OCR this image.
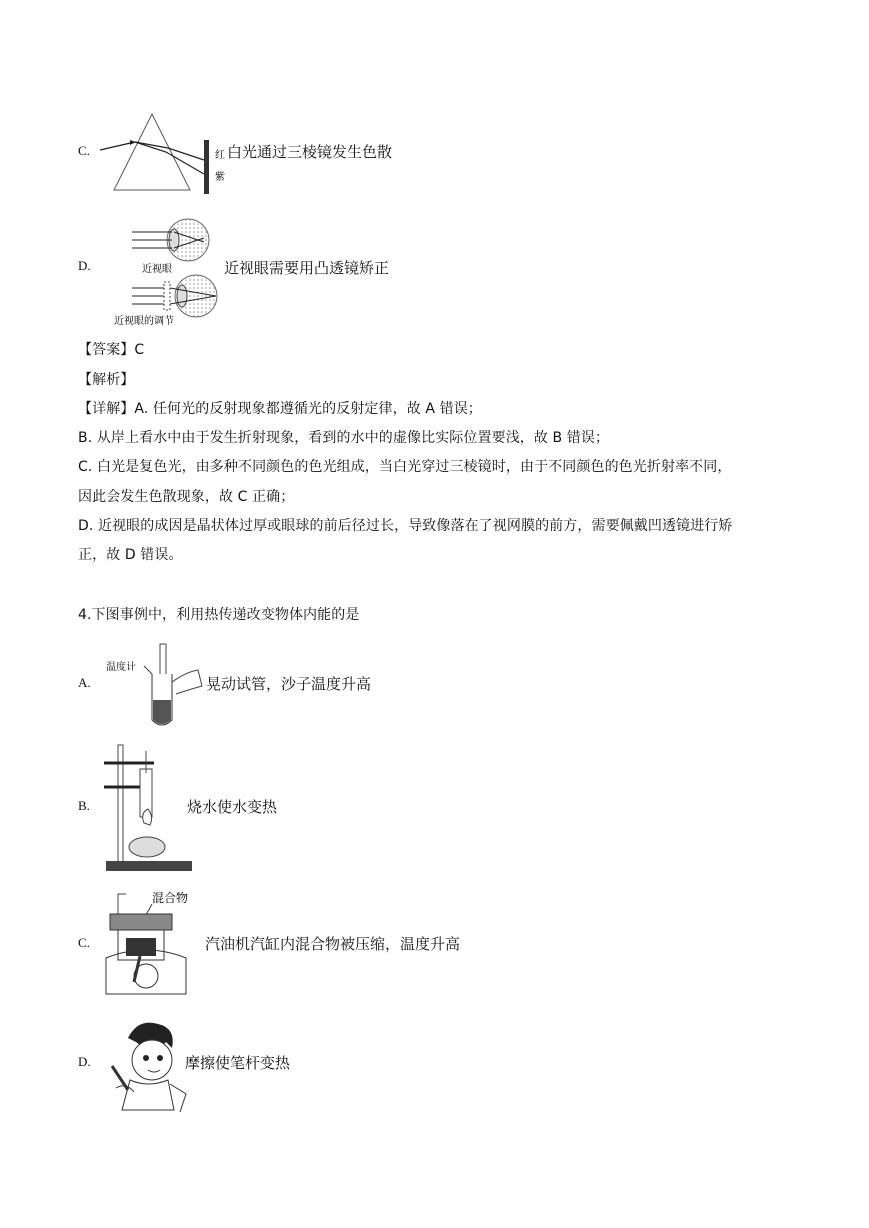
C.	红
紫
白光通过三棱镜发生色散
D.	近视眼
近视眼的调节
近视眼需要用凸透镜矫正
【答案】C
【解析】
【详解】A. 任何光的反射现象都遵循光的反射定律，故 A 错误；
B. 从岸上看水中由于发生折射现象，看到的水中的虚像比实际位置要浅，故 B 错误；
C. 白光是复色光，由多种不同颜色的色光组成，当白光穿过三棱镜时，由于不同颜色的色光折射率不同，
因此会发生色散现象，故 C 正确；
D. 近视眼的成因是晶状体过厚或眼球的前后径过长，导致像落在了视网膜的前方，需要佩戴凹透镜进行矫
正，故 D 错误。
4.下图事例中，利用热传递改变物体内能的是
A.
温度计
晃动试管，沙子温度升高
B.	烧水使水变热
C.
混合物
汽油机汽缸内混合物被压缩，温度升高
D.	摩擦使笔杆变热
